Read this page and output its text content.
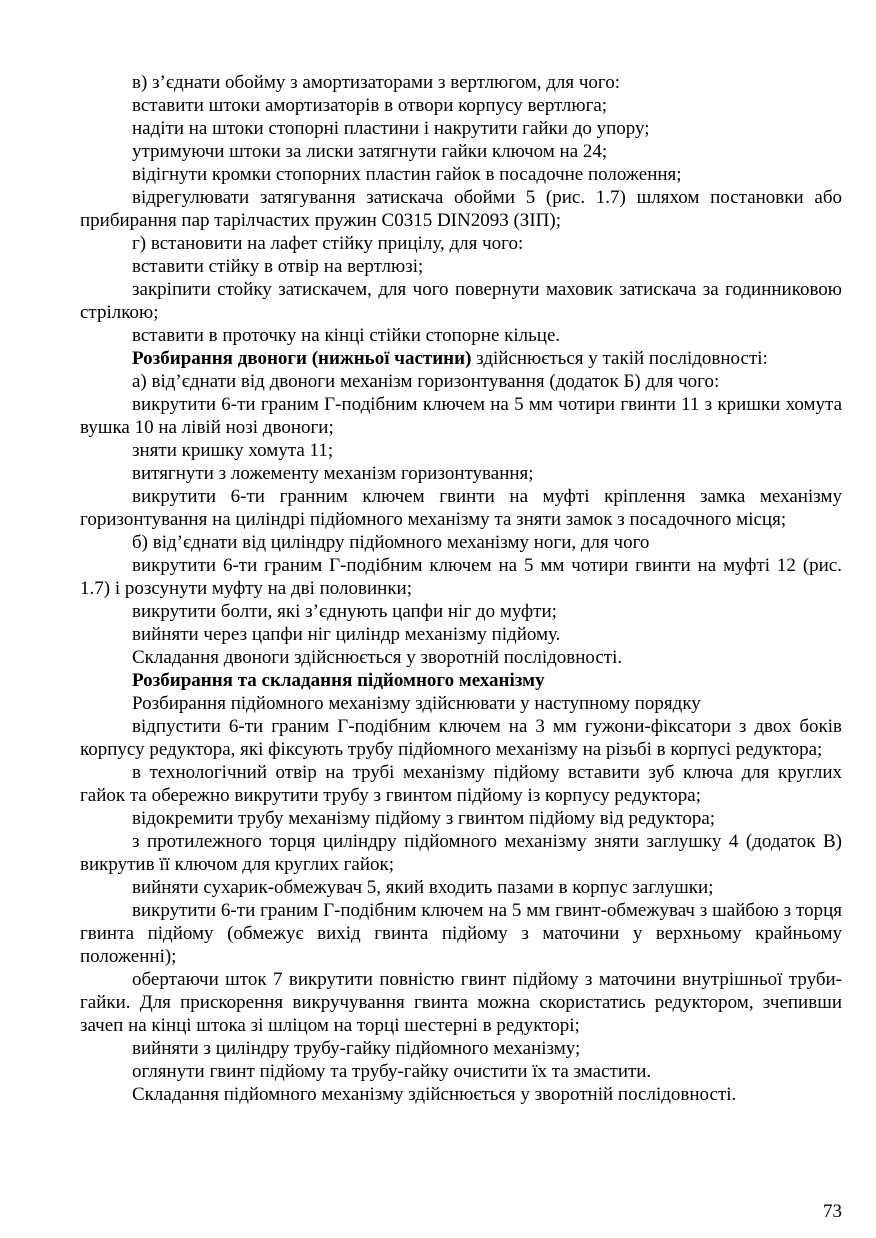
в) з’єднати обойму з амортизаторами з вертлюгом, для чого:

вставити штоки амортизаторів в отвори корпусу вертлюга;

надіти на штоки стопорні пластини і накрутити гайки до упору;

утримуючи штоки за лиски затягнути гайки ключом на 24;

відігнути кромки стопорних пластин гайок в посадочне положення;

відрегулювати затягування затискача обойми 5 (рис. 1.7) шляхом постановки або прибирання пар тарілчастих пружин С0315 DIN2093 (ЗІП);

г) встановити на лафет стійку прицілу, для чого:

вставити стійку в отвір на вертлюзі;

закріпити стойку затискачем, для чого повернути маховик затискача за годинниковою стрілкою;

вставити в проточку на кінці стійки стопорне кільце.

Розбирання двоноги (нижньої частини) здійснюється у такій послідовності:

а) від’єднати від двоноги механізм горизонтування (додаток Б) для чого:

викрутити 6-ти граним Г-подібним ключем на 5 мм чотири гвинти 11 з кришки хомута вушка 10 на лівій нозі двоноги;

зняти кришку хомута 11;

витягнути з ложементу механізм горизонтування;

викрутити 6-ти гранним ключем гвинти на муфті кріплення замка механізму горизонтування на циліндрі підйомного механізму та зняти замок з посадочного місця;

б) від’єднати від циліндру підйомного механізму ноги, для чого

викрутити 6-ти граним Г-подібним ключем на 5 мм чотири гвинти на муфті 12 (рис. 1.7) і розсунути муфту на дві половинки;

викрутити болти, які з’єднують цапфи ніг до муфти;

вийняти через цапфи ніг циліндр механізму підйому.

Складання двоноги здійснюється у зворотній послідовності.

Розбирання та складання підйомного механізму

Розбирання підйомного механізму здійснювати у наступному порядку

відпустити 6-ти граним Г-подібним ключем на 3 мм гужони-фіксатори з двох боків корпусу редуктора, які фіксують трубу підйомного механізму на різьбі в корпусі редуктора;

в технологічний отвір на трубі механізму підйому вставити зуб ключа для круглих гайок та обережно викрутити трубу з гвинтом підйому із корпусу редуктора;

відокремити трубу механізму підйому з гвинтом підйому від редуктора;

з протилежного торця циліндру підйомного механізму зняти заглушку 4 (додатoк В) викрутив її ключом для круглих гайок;

вийняти сухарик-обмежувач 5, який входить пазами в корпус заглушки;

викрутити 6-ти граним Г-подібним ключем на 5 мм гвинт-обмежувач з шайбою з торця гвинта підйому (обмежує вихід гвинта підйому з маточини у верхньому крайньому положенні);

обертаючи шток 7 викрутити повністю гвинт підйому з маточини внутрішньої труби-гайки. Для прискорення викручування гвинта можна скористатись редуктором, зчепивши зачеп на кінці штока зі шліцом на торці шестерні в редукторі;

вийняти з циліндру трубу-гайку підйомного механізму;

оглянути гвинт підйому та трубу-гайку очистити їх та змастити.

Складання підйомного механізму здійснюється у зворотній послідовності.

73
